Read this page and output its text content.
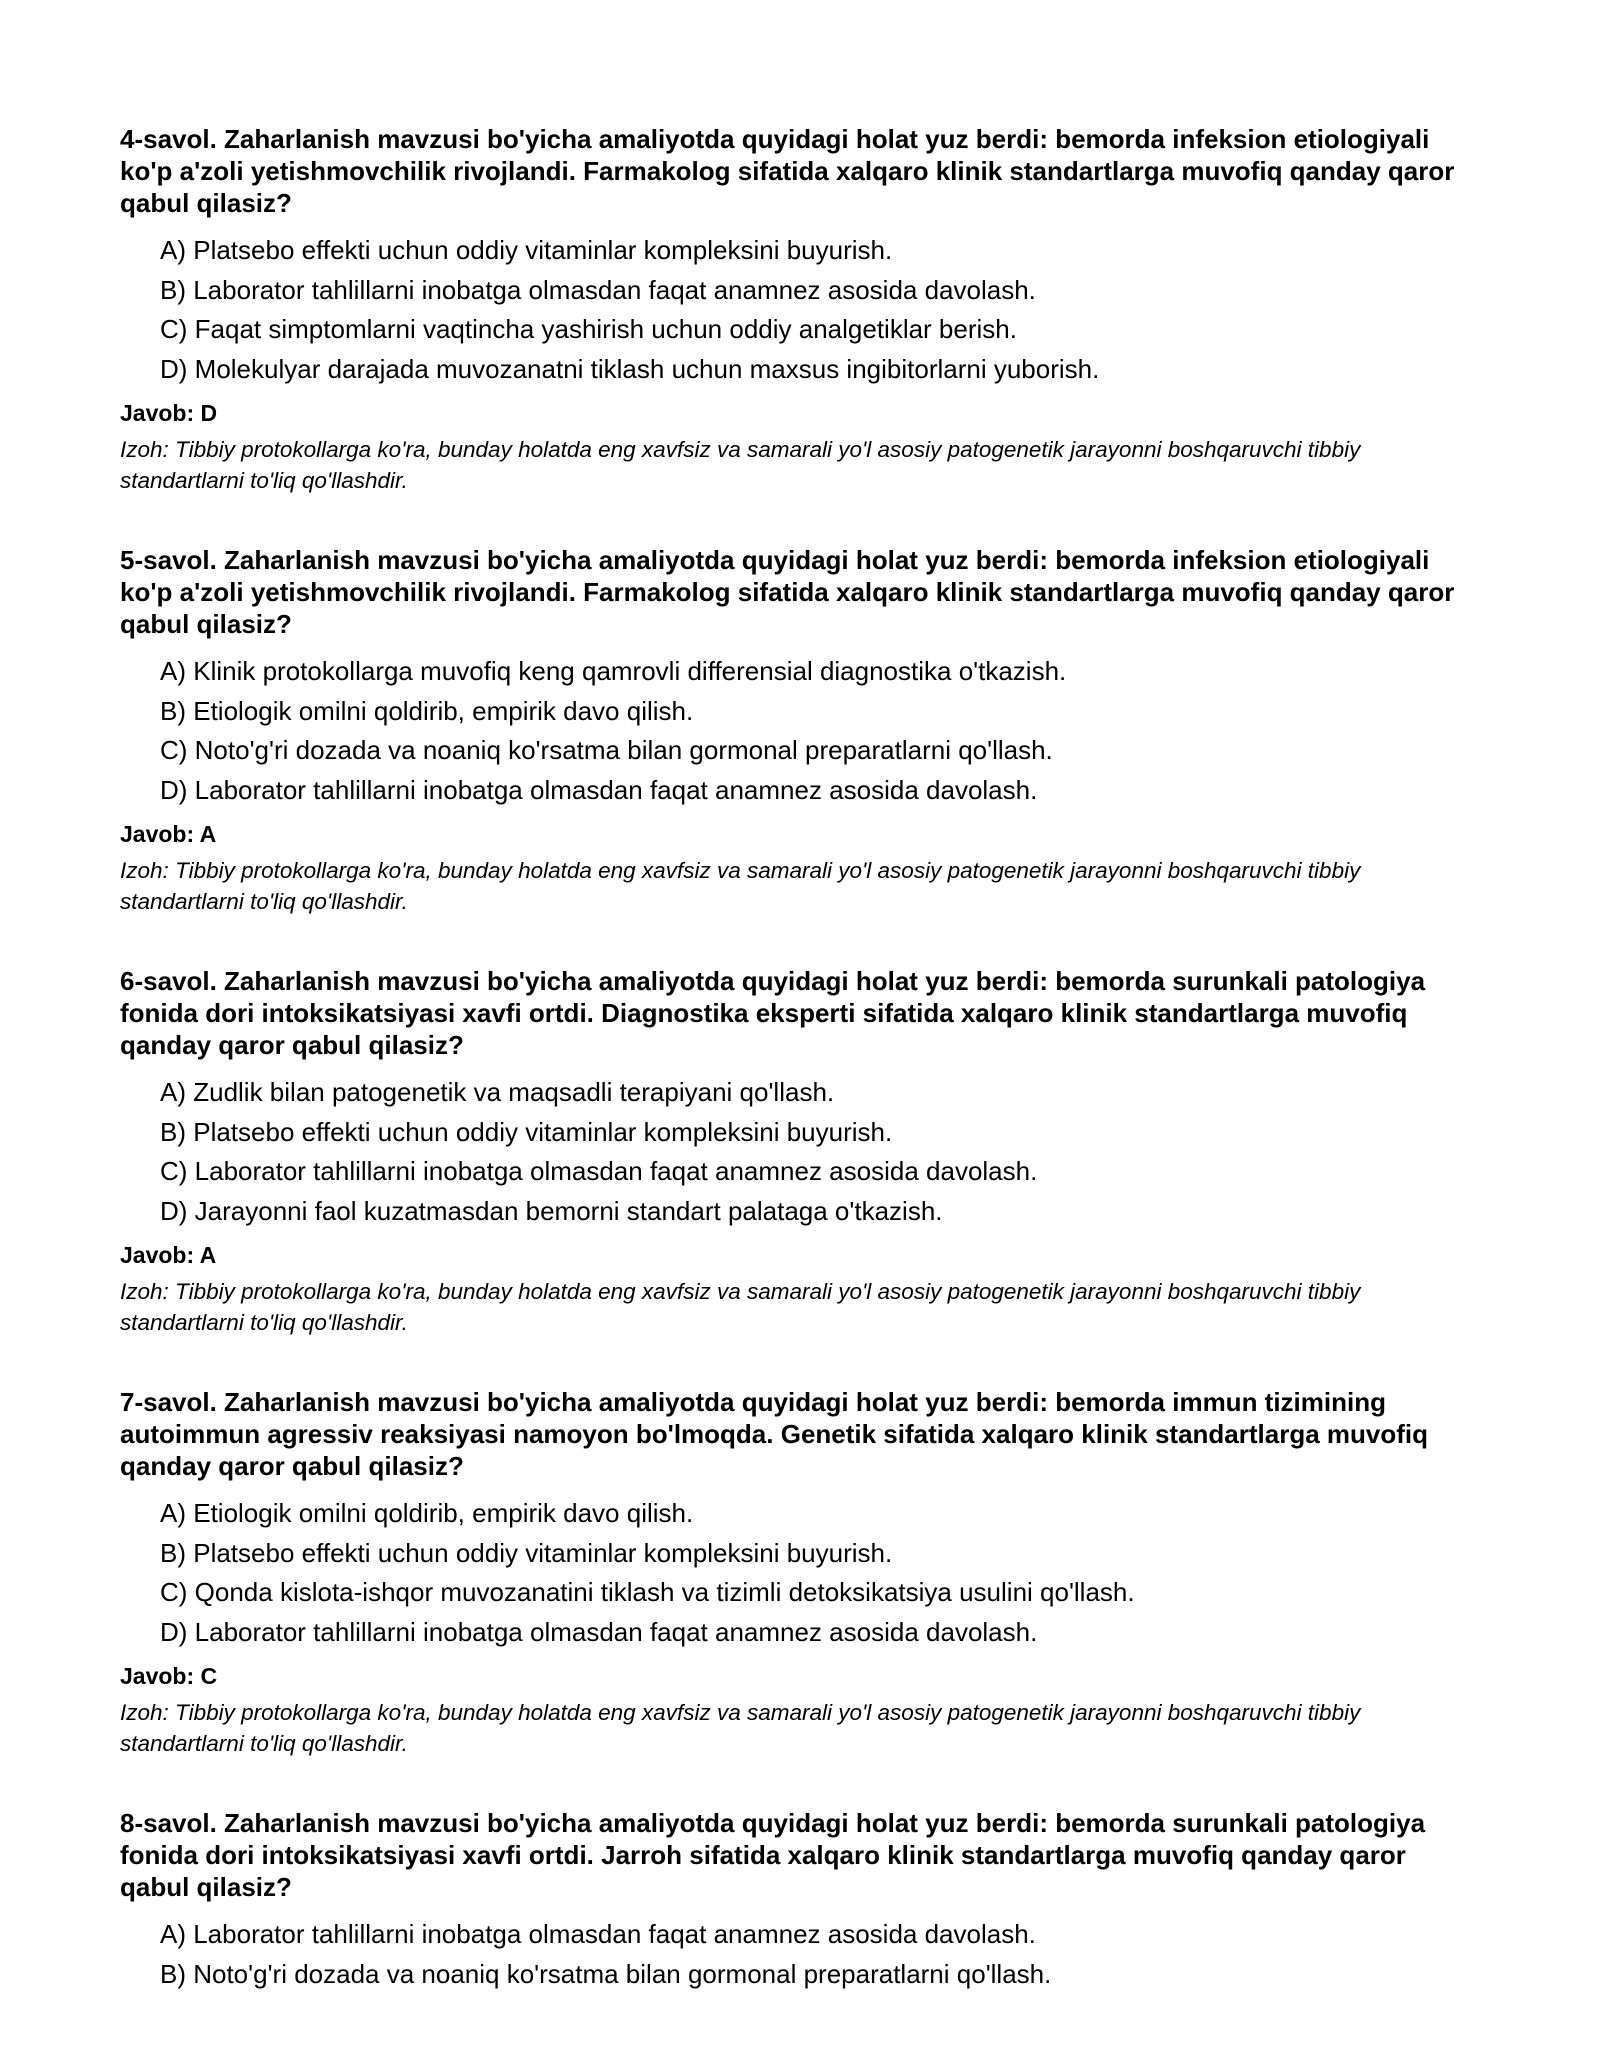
4-savol. Zaharlanish mavzusi bo'yicha amaliyotda quyidagi holat yuz berdi: bemorda infeksion etiologiyali ko'p a'zoli yetishmovchilik rivojlandi. Farmakolog sifatida xalqaro klinik standartlarga muvofiq qanday qaror qabul qilasiz?

A) Platsebo effekti uchun oddiy vitaminlar kompleksini buyurish.
B) Laborator tahlillarni inobatga olmasdan faqat anamnez asosida davolash.
C) Faqat simptomlarni vaqtincha yashirish uchun oddiy analgetiklar berish.
D) Molekulyar darajada muvozanatni tiklash uchun maxsus ingibitorlarni yuborish.
Javob: D

Izoh: Tibbiy protokollarga ko'ra, bunday holatda eng xavfsiz va samarali yo'l asosiy patogenetik jarayonni boshqaruvchi tibbiy standartlarni to'liq qo'llashdir.

5-savol. Zaharlanish mavzusi bo'yicha amaliyotda quyidagi holat yuz berdi: bemorda infeksion etiologiyali ko'p a'zoli yetishmovchilik rivojlandi. Farmakolog sifatida xalqaro klinik standartlarga muvofiq qanday qaror qabul qilasiz?

A) Klinik protokollarga muvofiq keng qamrovli differensial diagnostika o'tkazish.
B) Etiologik omilni qoldirib, empirik davo qilish.
C) Noto'g'ri dozada va noaniq ko'rsatma bilan gormonal preparatlarni qo'llash.
D) Laborator tahlillarni inobatga olmasdan faqat anamnez asosida davolash.
Javob: A

Izoh: Tibbiy protokollarga ko'ra, bunday holatda eng xavfsiz va samarali yo'l asosiy patogenetik jarayonni boshqaruvchi tibbiy standartlarni to'liq qo'llashdir.

6-savol. Zaharlanish mavzusi bo'yicha amaliyotda quyidagi holat yuz berdi: bemorda surunkali patologiya fonida dori intoksikatsiyasi xavfi ortdi. Diagnostika eksperti sifatida xalqaro klinik standartlarga muvofiq qanday qaror qabul qilasiz?

A) Zudlik bilan patogenetik va maqsadli terapiyani qo'llash.
B) Platsebo effekti uchun oddiy vitaminlar kompleksini buyurish.
C) Laborator tahlillarni inobatga olmasdan faqat anamnez asosida davolash.
D) Jarayonni faol kuzatmasdan bemorni standart palataga o'tkazish.
Javob: A

Izoh: Tibbiy protokollarga ko'ra, bunday holatda eng xavfsiz va samarali yo'l asosiy patogenetik jarayonni boshqaruvchi tibbiy standartlarni to'liq qo'llashdir.

7-savol. Zaharlanish mavzusi bo'yicha amaliyotda quyidagi holat yuz berdi: bemorda immun tizimining autoimmun agressiv reaksiyasi namoyon bo'lmoqda. Genetik sifatida xalqaro klinik standartlarga muvofiq qanday qaror qabul qilasiz?

A) Etiologik omilni qoldirib, empirik davo qilish.
B) Platsebo effekti uchun oddiy vitaminlar kompleksini buyurish.
C) Qonda kislota-ishqor muvozanatini tiklash va tizimli detoksikatsiya usulini qo'llash.
D) Laborator tahlillarni inobatga olmasdan faqat anamnez asosida davolash.
Javob: C

Izoh: Tibbiy protokollarga ko'ra, bunday holatda eng xavfsiz va samarali yo'l asosiy patogenetik jarayonni boshqaruvchi tibbiy standartlarni to'liq qo'llashdir.

8-savol. Zaharlanish mavzusi bo'yicha amaliyotda quyidagi holat yuz berdi: bemorda surunkali patologiya fonida dori intoksikatsiyasi xavfi ortdi. Jarroh sifatida xalqaro klinik standartlarga muvofiq qanday qaror qabul qilasiz?

A) Laborator tahlillarni inobatga olmasdan faqat anamnez asosida davolash.
B) Noto'g'ri dozada va noaniq ko'rsatma bilan gormonal preparatlarni qo'llash.
